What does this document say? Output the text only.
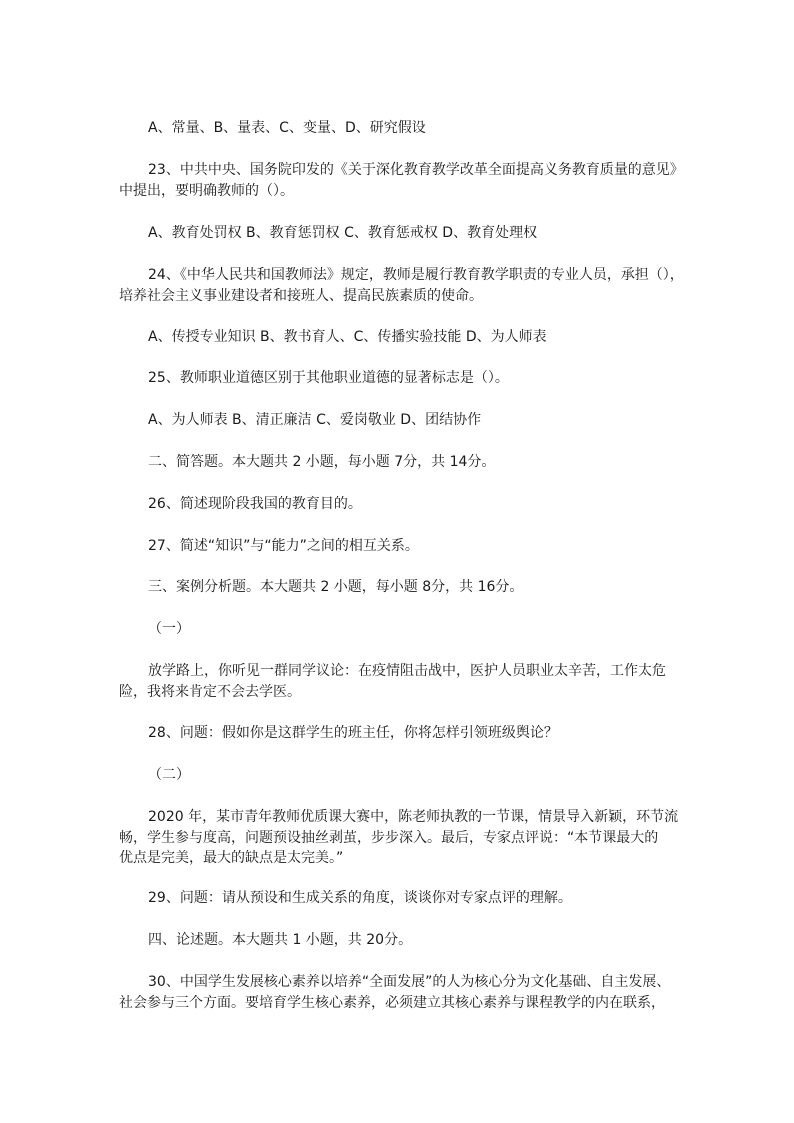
A、常量、B、量表、C、变量、D、研究假设
23、中共中央、国务院印发的《关于深化教育教学改革全面提高义务教育质量的意见》
中提出，要明确教师的（）。
A、教育处罚权 B、教育惩罚权 C、教育惩戒权 D、教育处理权
24、《中华人民共和国教师法》规定，教师是履行教育教学职责的专业人员，承担（），
培养社会主义事业建设者和接班人、提高民族素质的使命。
A、传授专业知识 B、教书育人、C、传播实验技能 D、为人师表
25、教师职业道德区别于其他职业道德的显著标志是（）。
A、为人师表 B、清正廉洁 C、爱岗敬业 D、团结协作
二、简答题。本大题共 2 小题，每小题 7分，共 14分。
26、简述现阶段我国的教育目的。
27、简述“知识”与“能力”之间的相互关系。
三、案例分析题。本大题共 2 小题，每小题 8分，共 16分。
（一）
放学路上，你听见一群同学议论：在疫情阻击战中，医护人员职业太辛苦，工作太危
险，我将来肯定不会去学医。
28、问题：假如你是这群学生的班主任，你将怎样引领班级舆论？
（二）
2020 年，某市青年教师优质课大赛中，陈老师执教的一节课，情景导入新颖，环节流
畅，学生参与度高，问题预设抽丝剥茧，步步深入。最后，专家点评说：“本节课最大的
优点是完美，最大的缺点是太完美。”
29、问题：请从预设和生成关系的角度，谈谈你对专家点评的理解。
四、论述题。本大题共 1 小题，共 20分。
30、中国学生发展核心素养以培养“全面发展”的人为核心分为文化基础、自主发展、
社会参与三个方面。要培育学生核心素养，必须建立其核心素养与课程教学的内在联系，
